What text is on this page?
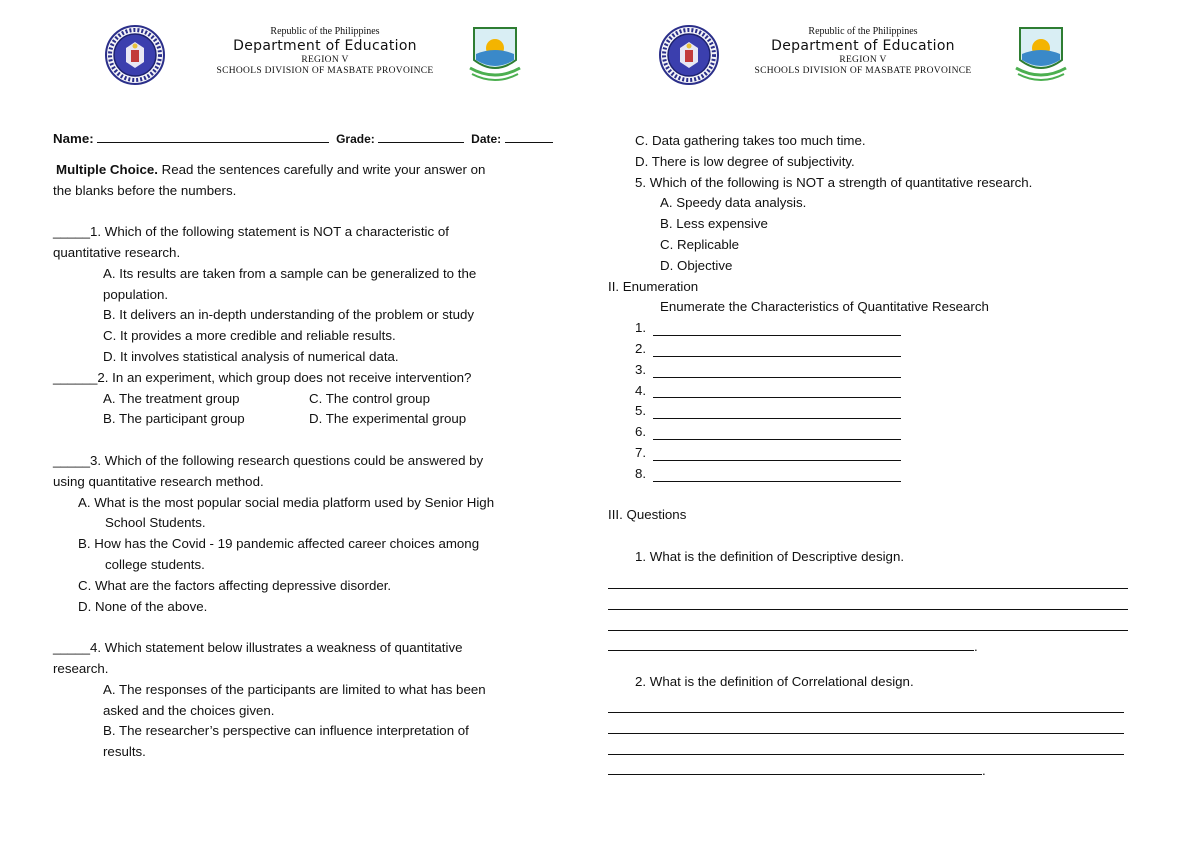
Republic of the Philippines
Department of Education
REGION V
SCHOOLS DIVISION OF MASBATE PROVOINCE
Name:	Grade:	Date:
Multiple Choice. Read the sentences carefully and write your answer on
the blanks before the numbers.
_____1. Which of the following statement is NOT a characteristic of
quantitative research.
A. Its results are taken from a sample can be generalized to the
population.
B. It delivers an in-depth understanding of the problem or study
C. It provides a more credible and reliable results.
D. It involves statistical analysis of numerical data.
______2. In an experiment, which group does not receive intervention?
A. The treatment group	C. The control group
B. The participant group	D. The experimental group
_____3. Which of the following research questions could be answered by
using quantitative research method.
A. What is the most popular social media platform used by Senior High
School Students.
B. How has the Covid - 19 pandemic affected career choices among
college students.
C. What are the factors affecting depressive disorder.
D. None of the above.
_____4. Which statement below illustrates a weakness of quantitative
research.
A. The responses of the participants are limited to what has been
asked and the choices given.
B. The researcher’s perspective can influence interpretation of
results.
Republic of the Philippines
Department of Education
REGION V
SCHOOLS DIVISION OF MASBATE PROVOINCE
C. Data gathering takes too much time.
D. There is low degree of subjectivity.
5. Which of the following is NOT a strength of quantitative research.
A. Speedy data analysis.
B. Less expensive
C. Replicable
D. Objective
II. Enumeration
Enumerate the Characteristics of Quantitative Research
1.
2.
3.
4.
5.
6.
7.
8.
III. Questions
1. What is the definition of Descriptive design.
.
2. What is the definition of Correlational design.
.
